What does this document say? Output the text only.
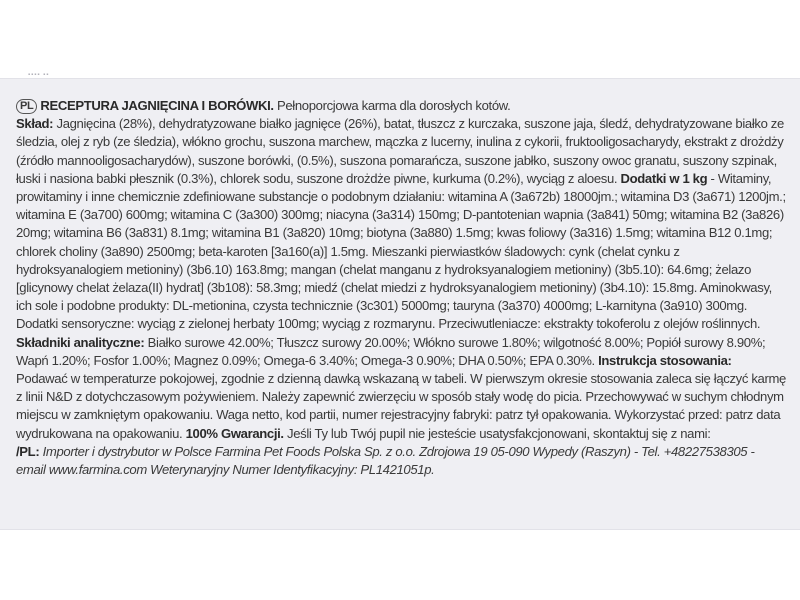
▪▪▪▪ ▪▪

PL RECEPTURA JAGNIĘCINA I BORÓWKI. Pełnoporcjowa karma dla dorosłych kotów.
Skład: Jagnięcina (28%), dehydratyzowane białko jagnięce (26%), batat, tłuszcz z kurczaka, suszone jaja, śledź, dehydratyzowane białko ze śledzia, olej z ryb (ze śledzia), włókno grochu, suszona marchew, mączka z lucerny, inulina z cykorii, fruktooligosacharydy, ekstrakt z drożdży (źródło mannooligosacharydów), suszone borówki, (0.5%), suszona pomarańcza, suszone jabłko, suszony owoc granatu, suszony szpinak, łuski i nasiona babki płesznik (0.3%), chlorek sodu, suszone drożdże piwne, kurkuma (0.2%), wyciąg z aloesu. Dodatki w 1 kg - Witaminy, prowitaminy i inne chemicznie zdefiniowane substancje o podobnym działaniu: witamina A (3a672b) 18000jm.; witamina D3 (3a671) 1200jm.; witamina E (3a700) 600mg; witamina C (3a300) 300mg; niacyna (3a314) 150mg; D-pantotenian wapnia (3a841) 50mg; witamina B2 (3a826) 20mg; witamina B6 (3a831) 8.1mg; witamina B1 (3a820) 10mg; biotyna (3a880) 1.5mg; kwas foliowy (3a316) 1.5mg; witamina B12 0.1mg; chlorek choliny (3a890) 2500mg; beta-karoten [3a160(a)] 1.5mg. Mieszanki pierwiastków śladowych: cynk (chelat cynku z hydroksyanalogiem metioniny) (3b6.10) 163.8mg; mangan (chelat manganu z hydroksyanalogiem metioniny) (3b5.10): 64.6mg; żelazo [glicynowy chelat żelaza(II) hydrat] (3b108): 58.3mg; miedź (chelat miedzi z hydroksyanalogiem metioniny) (3b4.10): 15.8mg. Aminokwasy, ich sole i podobne produkty: DL-metionina, czysta technicznie (3c301) 5000mg; tauryna (3a370) 4000mg; L-karnityna (3a910) 300mg. Dodatki sensoryczne: wyciąg z zielonej herbaty 100mg; wyciąg z rozmarynu. Przeciwutleniacze: ekstrakty tokoferolu z olejów roślinnych. Składniki analityczne: Białko surowe 42.00%; Tłuszcz surowy 20.00%; Włókno surowe 1.80%; wilgotność 8.00%; Popiół surowy 8.90%; Wapń 1.20%; Fosfor 1.00%; Magnez 0.09%; Omega-6 3.40%; Omega-3 0.90%; DHA 0.50%; EPA 0.30%. Instrukcja stosowania: Podawać w temperaturze pokojowej, zgodnie z dzienną dawką wskazaną w tabeli. W pierwszym okresie stosowania zaleca się łączyć karmę z linii N&D z dotychczasowym pożywieniem. Należy zapewnić zwierzęciu w sposób stały wodę do picia. Przechowywać w suchym chłodnym miejscu w zamkniętym opakowaniu. Waga netto, kod partii, numer rejestracyjny fabryki: patrz tył opakowania. Wykorzystać przed: patrz data wydrukowana na opakowaniu. 100% Gwarancji. Jeśli Ty lub Twój pupil nie jesteście usatysfakcjonowani, skontaktuj się z nami:

/PL: Importer i dystrybutor w Polsce Farmina Pet Foods Polska Sp. z o.o. Zdrojowa 19 05-090 Wypedy (Raszyn) - Tel. +48227538305 - email www.farmina.com Weterynaryjny Numer Identyfikacyjny: PL1421051p.
